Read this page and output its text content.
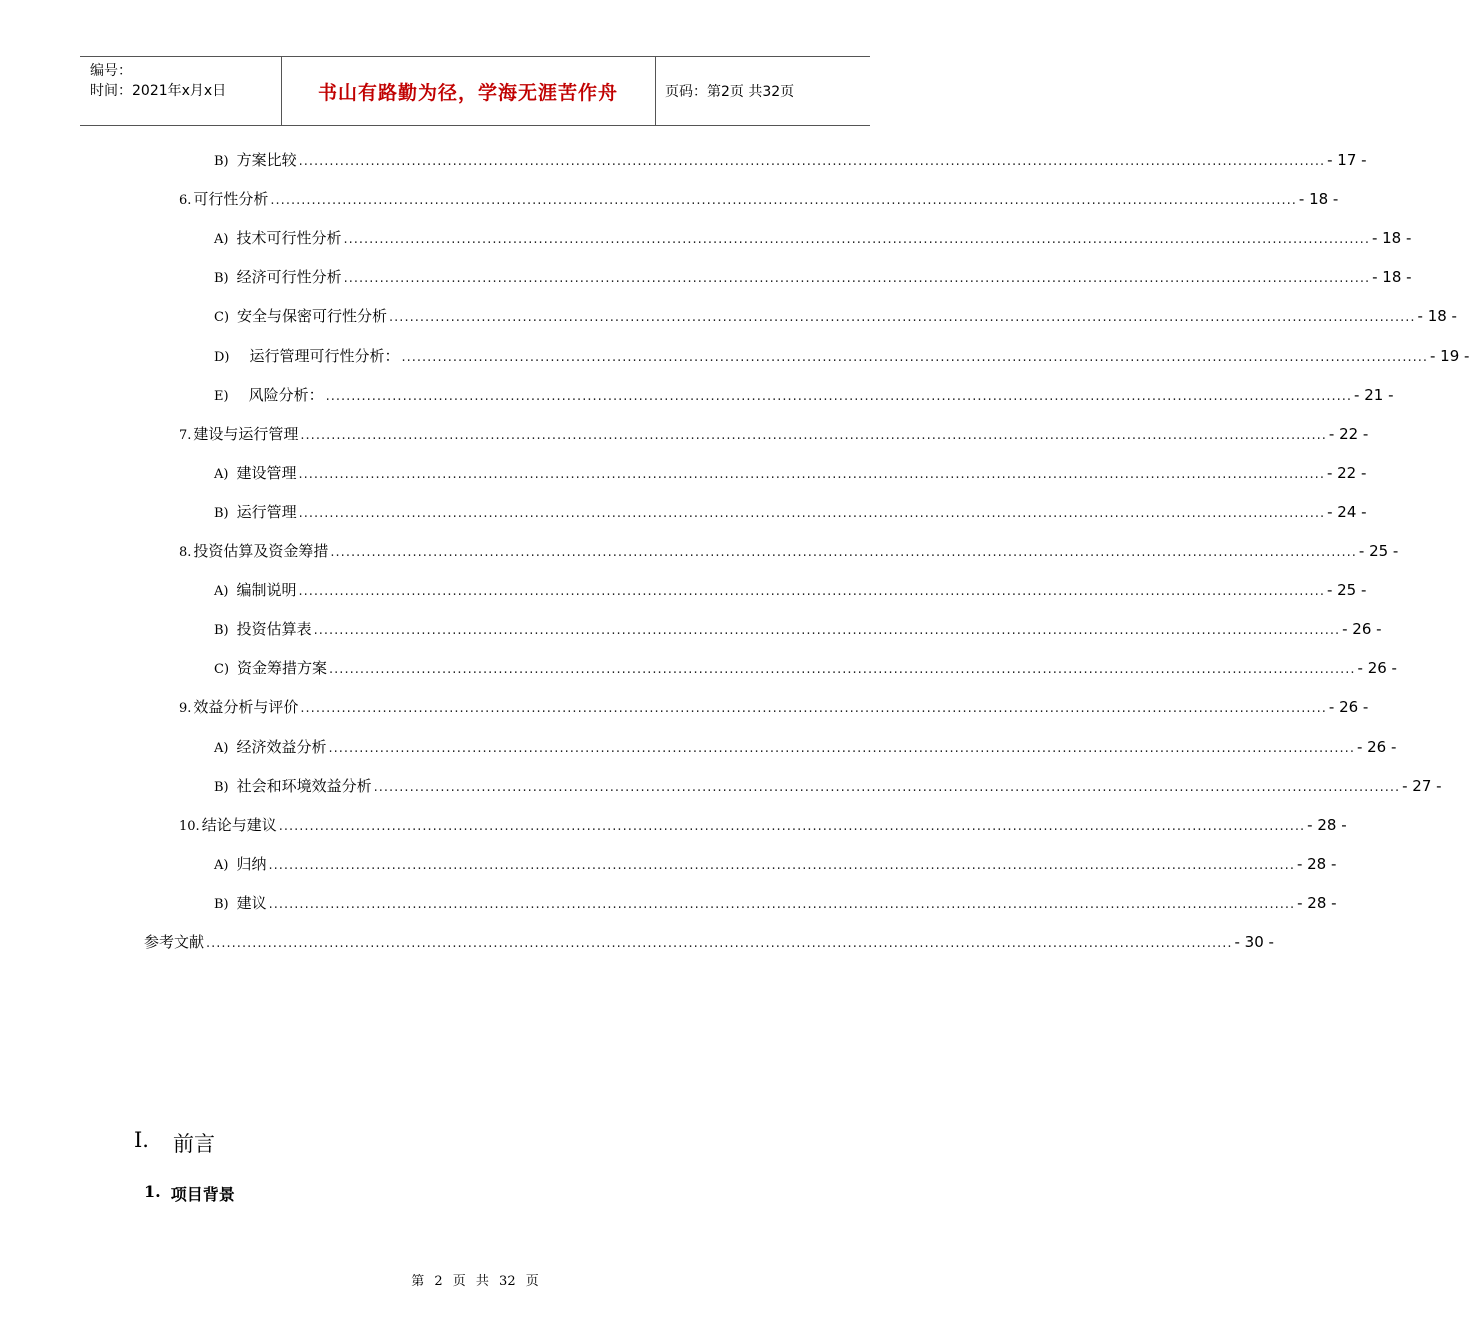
编号：
时间：2021年x月x日	书山有路勤为径，学海无涯苦作舟	页码：第2页 共32页
B) 方案比较 ........................................................................................................................................................................................................ - 17 -
6. 可行性分析 ........................................................................................................................................................................................................ - 18 -
A) 技术可行性分析 ........................................................................................................................................................................................................ - 18 -
B) 经济可行性分析 ........................................................................................................................................................................................................ - 18 -
C) 安全与保密可行性分析 ........................................................................................................................................................................................................ - 18 -
D) 运行管理可行性分析： ........................................................................................................................................................................................................ - 19 -
E) 风险分析： ........................................................................................................................................................................................................ - 21 -
7. 建设与运行管理 ........................................................................................................................................................................................................ - 22 -
A) 建设管理 ........................................................................................................................................................................................................ - 22 -
B) 运行管理 ........................................................................................................................................................................................................ - 24 -
8. 投资估算及资金筹措 ........................................................................................................................................................................................................ - 25 -
A) 编制说明 ........................................................................................................................................................................................................ - 25 -
B) 投资估算表 ........................................................................................................................................................................................................ - 26 -
C) 资金筹措方案 ........................................................................................................................................................................................................ - 26 -
9. 效益分析与评价 ........................................................................................................................................................................................................ - 26 -
A) 经济效益分析 ........................................................................................................................................................................................................ - 26 -
B) 社会和环境效益分析 ........................................................................................................................................................................................................ - 27 -
10. 结论与建议 ........................................................................................................................................................................................................ - 28 -
A) 归纳 ........................................................................................................................................................................................................ - 28 -
B) 建议 ........................................................................................................................................................................................................ - 28 -
参考文献 ........................................................................................................................................................................................................ - 30 -
I. 前言
1. 项目背景
第 2 页 共 32 页
